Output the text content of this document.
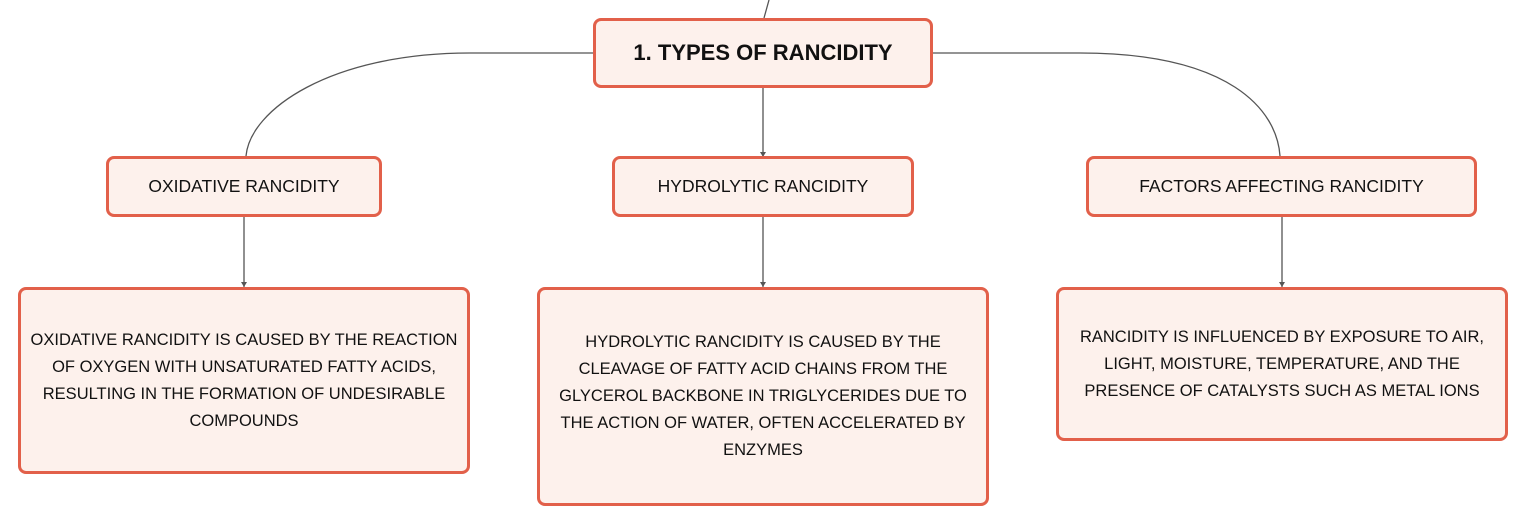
1. TYPES OF RANCIDITY
OXIDATIVE RANCIDITY	HYDROLYTIC RANCIDITY	FACTORS AFFECTING RANCIDITY
OXIDATIVE RANCIDITY IS CAUSED BY THE REACTION OF OXYGEN WITH UNSATURATED FATTY ACIDS, RESULTING IN THE FORMATION OF UNDESIRABLE COMPOUNDS
HYDROLYTIC RANCIDITY IS CAUSED BY THE CLEAVAGE OF FATTY ACID CHAINS FROM THE GLYCEROL BACKBONE IN TRIGLYCERIDES DUE TO THE ACTION OF WATER, OFTEN ACCELERATED BY ENZYMES
RANCIDITY IS INFLUENCED BY EXPOSURE TO AIR, LIGHT, MOISTURE, TEMPERATURE, AND THE PRESENCE OF CATALYSTS SUCH AS METAL IONS
